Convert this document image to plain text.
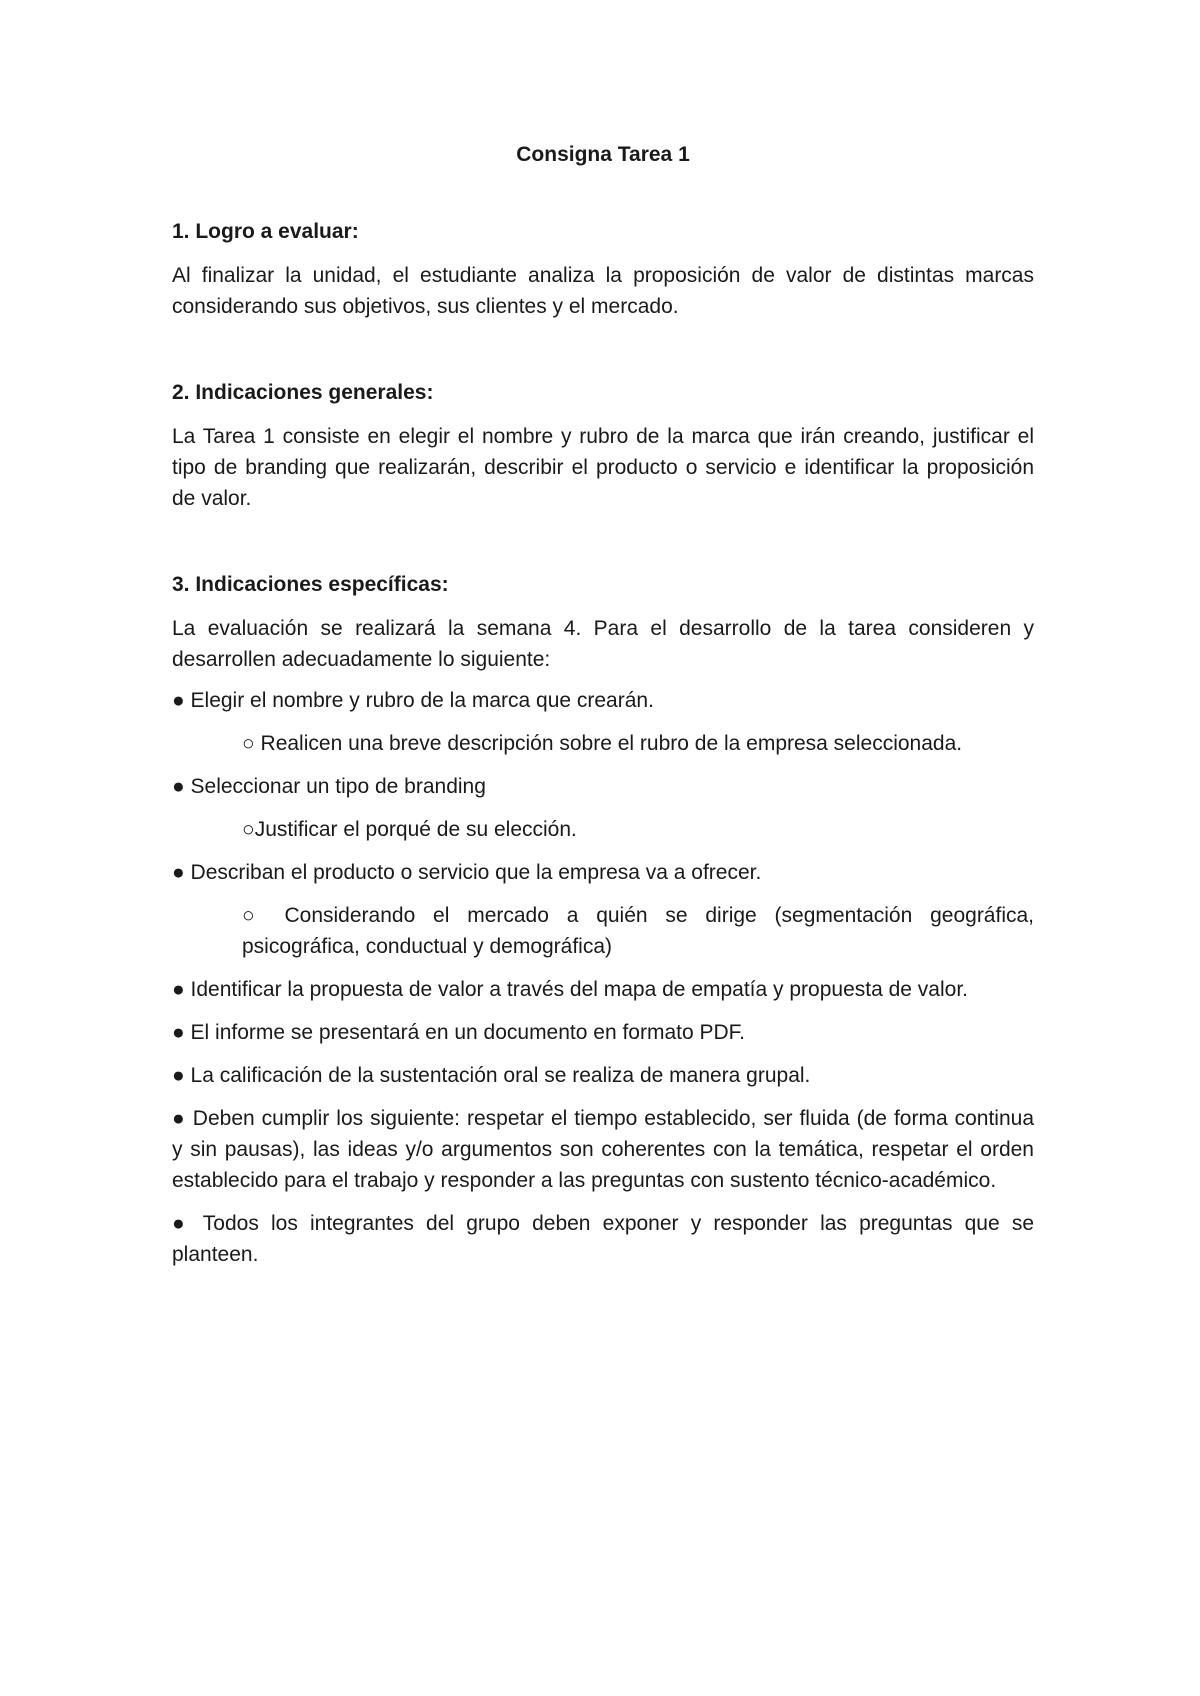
Consigna Tarea 1

1. Logro a evaluar:

Al finalizar la unidad, el estudiante analiza la proposición de valor de distintas marcas considerando sus objetivos, sus clientes y el mercado.

2. Indicaciones generales:

La Tarea 1 consiste en elegir el nombre y rubro de la marca que irán creando, justificar el tipo de branding que realizarán, describir el producto o servicio e identificar la proposición de valor.

3. Indicaciones específicas:

La evaluación se realizará la semana 4. Para el desarrollo de la tarea consideren y desarrollen adecuadamente lo siguiente:

● Elegir el nombre y rubro de la marca que crearán.

○ Realicen una breve descripción sobre el rubro de la empresa seleccionada.

● Seleccionar un tipo de branding

○Justificar el porqué de su elección.

● Describan el producto o servicio que la empresa va a ofrecer.

○ Considerando el mercado a quién se dirige (segmentación geográfica, psicográfica, conductual y demográfica)

● Identificar la propuesta de valor a través del mapa de empatía y propuesta de valor.

● El informe se presentará en un documento en formato PDF.

● La calificación de la sustentación oral se realiza de manera grupal.

● Deben cumplir los siguiente: respetar el tiempo establecido, ser fluida (de forma continua y sin pausas), las ideas y/o argumentos son coherentes con la temática, respetar el orden establecido para el trabajo y responder a las preguntas con sustento técnico-académico.

● Todos los integrantes del grupo deben exponer y responder las preguntas que se planteen.
